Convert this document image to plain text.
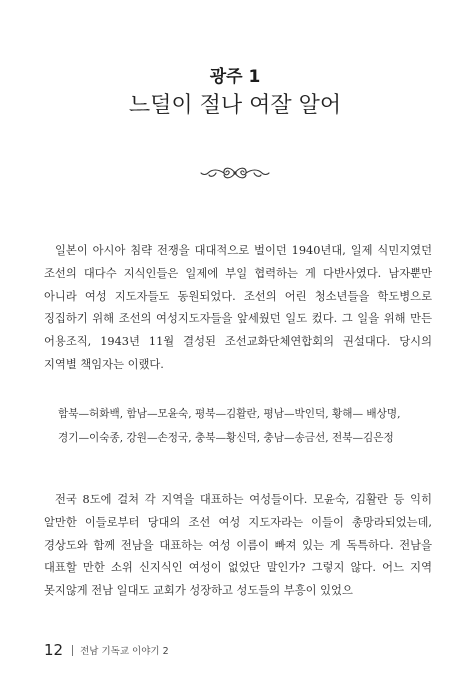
광주 1
느덜이 절나 여잘 알어

일본이 아시아 침략 전쟁을 대대적으로 벌이던 1940년대, 일제 식민지였던 조선의 대다수 지식인들은 일제에 부일 협력하는 게 다반사였다. 남자뿐만 아니라 여성 지도자들도 동원되었다. 조선의 어린 청소년들을 학도병으로 징집하기 위해 조선의 여성지도자들을 앞세웠던 일도 컸다. 그 일을 위해 만든 어용조직, 1943년 11월 결성된 조선교화단체연합회의 권설대다. 당시의 지역별 책임자는 이랬다.

함북—허화백, 함남—모윤숙, 평북—김활란, 평남—박인덕, 황해— 배상명,
경기—이숙종, 강원—손정국, 충북—황신덕, 충남—송금선, 전북—김은정

전국 8도에 걸쳐 각 지역을 대표하는 여성들이다. 모윤숙, 김활란 등 익히 알만한 이들로부터 당대의 조선 여성 지도자라는 이들이 총망라되었는데, 경상도와 함께 전남을 대표하는 여성 이름이 빠져 있는 게 독특하다. 전남을 대표할 만한 소위 신지식인 여성이 없었단 말인가? 그렇지 않다. 어느 지역 못지않게 전남 일대도 교회가 성장하고 성도들의 부흥이 있었으

12 전남 기독교 이야기 2
